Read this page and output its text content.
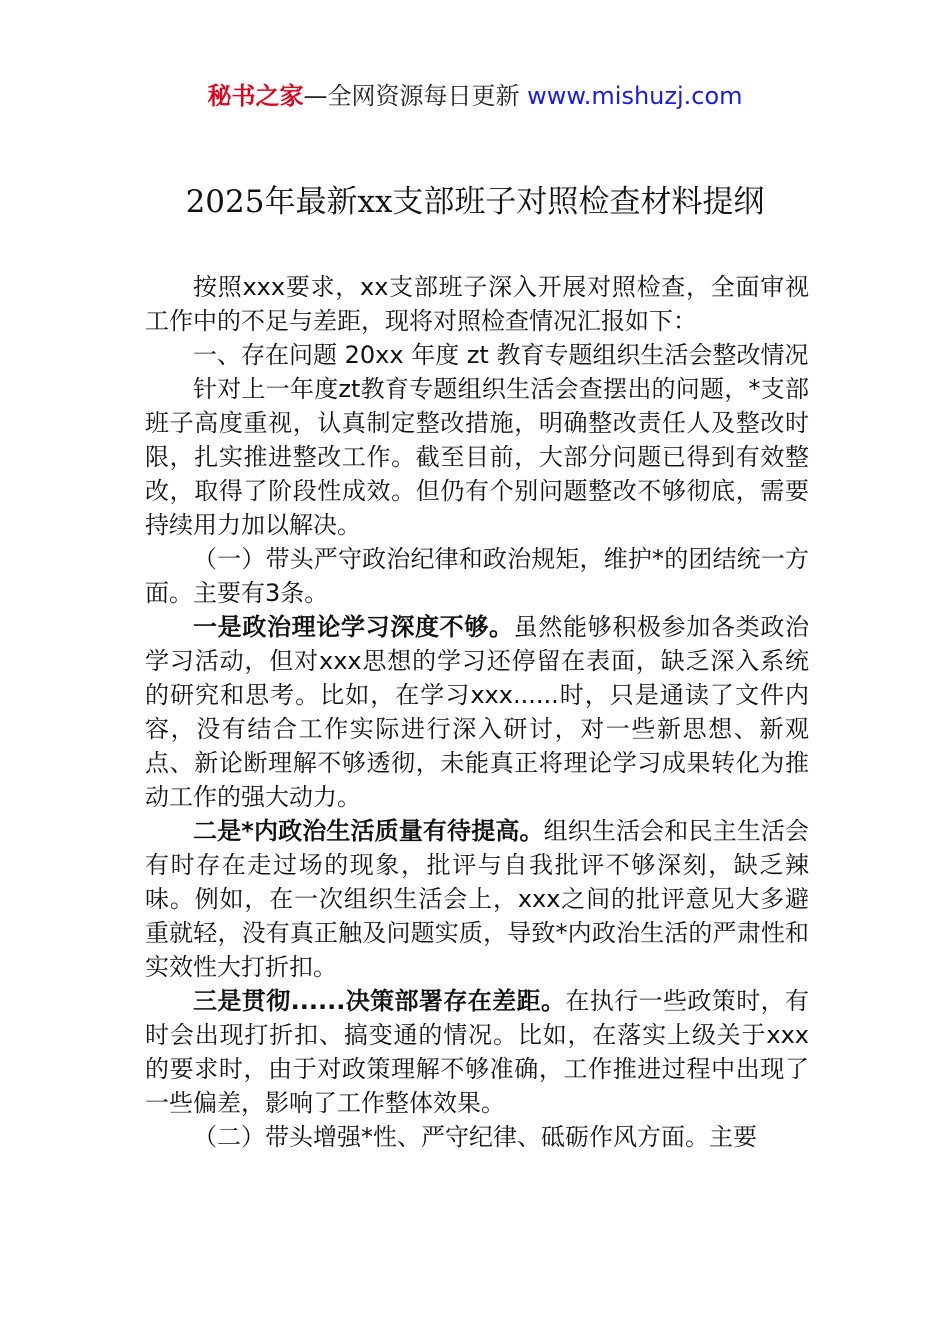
秘书之家—全网资源每日更新 www.mishuzj.com
2025年最新xx支部班子对照检查材料提纲

按照xxx要求，xx支部班子深入开展对照检查，全面审视工作中的不足与差距，现将对照检查情况汇报如下：

一、存在问题 20xx 年度 zt 教育专题组织生活会整改情况

针对上一年度zt教育专题组织生活会查摆出的问题，*支部班子高度重视，认真制定整改措施，明确整改责任人及整改时限，扎实推进整改工作。截至目前，大部分问题已得到有效整改，取得了阶段性成效。但仍有个别问题整改不够彻底，需要持续用力加以解决。

（一）带头严守政治纪律和政治规矩，维护*的团结统一方面。主要有3条。

一是政治理论学习深度不够。虽然能够积极参加各类政治学习活动，但对xxx思想的学习还停留在表面，缺乏深入系统的研究和思考。比如，在学习xxx......时，只是通读了文件内容，没有结合工作实际进行深入研讨，对一些新思想、新观点、新论断理解不够透彻，未能真正将理论学习成果转化为推动工作的强大动力。

二是*内政治生活质量有待提高。组织生活会和民主生活会有时存在走过场的现象，批评与自我批评不够深刻，缺乏辣味。例如，在一次组织生活会上，xxx之间的批评意见大多避重就轻，没有真正触及问题实质，导致*内政治生活的严肃性和实效性大打折扣。

三是贯彻......决策部署存在差距。在执行一些政策时，有时会出现打折扣、搞变通的情况。比如，在落实上级关于xxx的要求时，由于对政策理解不够准确，工作推进过程中出现了一些偏差，影响了工作整体效果。

（二）带头增强*性、严守纪律、砥砺作风方面。主要
